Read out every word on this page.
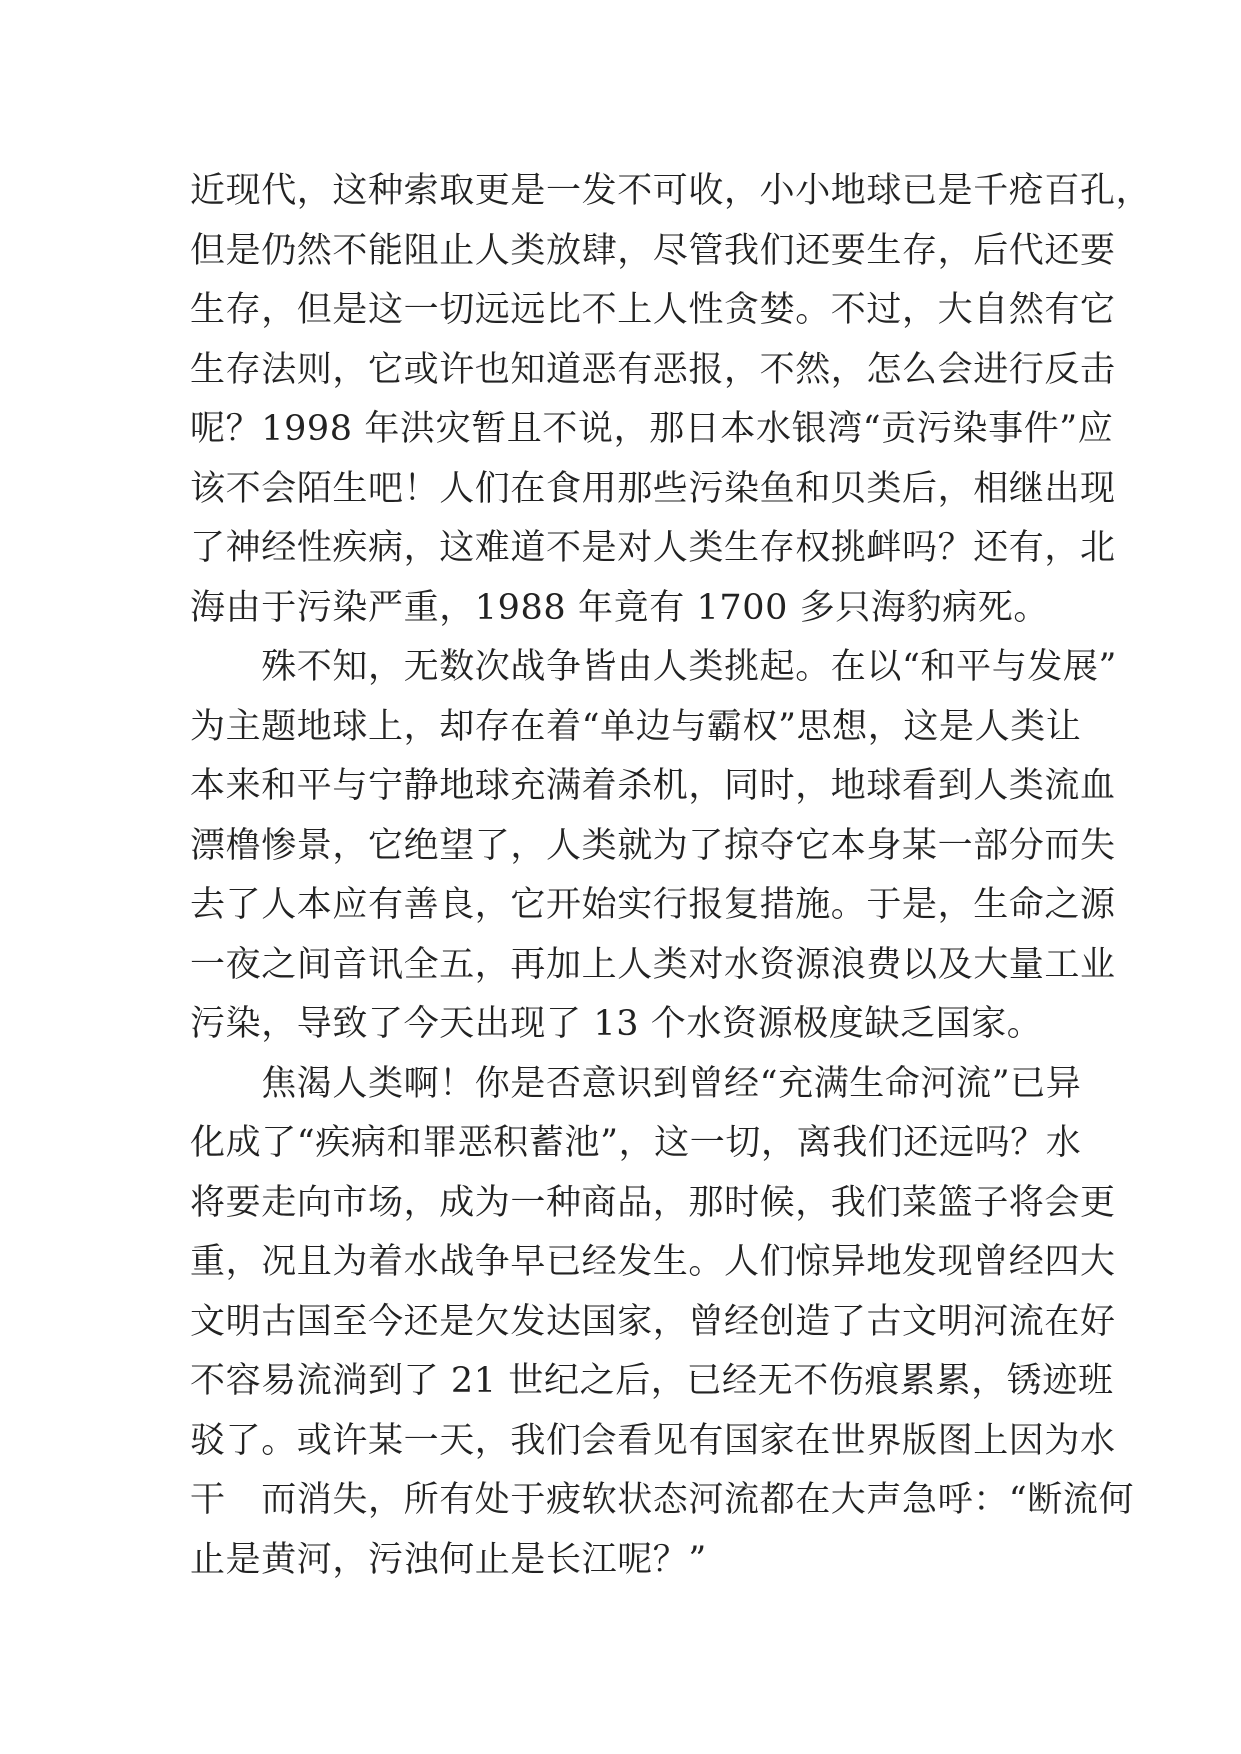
近现代，这种索取更是一发不可收，小小地球已是千疮百孔，
但是仍然不能阻止人类放肆，尽管我们还要生存，后代还要
生存，但是这一切远远比不上人性贪婪。不过，大自然有它
生存法则，它或许也知道恶有恶报，不然，怎么会进行反击
呢？1998 年洪灾暂且不说，那日本水银湾“贡污染事件”应
该不会陌生吧！人们在食用那些污染鱼和贝类后，相继出现
了神经性疾病，这难道不是对人类生存权挑衅吗？还有，北
海由于污染严重，1988 年竟有 1700 多只海豹病死。
　　殊不知，无数次战争皆由人类挑起。在以“和平与发展”
为主题地球上，却存在着“单边与霸权”思想，这是人类让
本来和平与宁静地球充满着杀机，同时，地球看到人类流血
漂橹惨景，它绝望了，人类就为了掠夺它本身某一部分而失
去了人本应有善良，它开始实行报复措施。于是，生命之源
一夜之间音讯全五，再加上人类对水资源浪费以及大量工业
污染，导致了今天出现了 13 个水资源极度缺乏国家。
　　焦渴人类啊！你是否意识到曾经“充满生命河流”已异
化成了“疾病和罪恶积蓄池”，这一切，离我们还远吗？水
将要走向市场，成为一种商品，那时候，我们菜篮子将会更
重，况且为着水战争早已经发生。人们惊异地发现曾经四大
文明古国至今还是欠发达国家，曾经创造了古文明河流在好
不容易流淌到了 21 世纪之后，已经无不伤痕累累，锈迹班
驳了。或许某一天，我们会看见有国家在世界版图上因为水
干　而消失，所有处于疲软状态河流都在大声急呼：“断流何
止是黄河，污浊何止是长江呢？”
